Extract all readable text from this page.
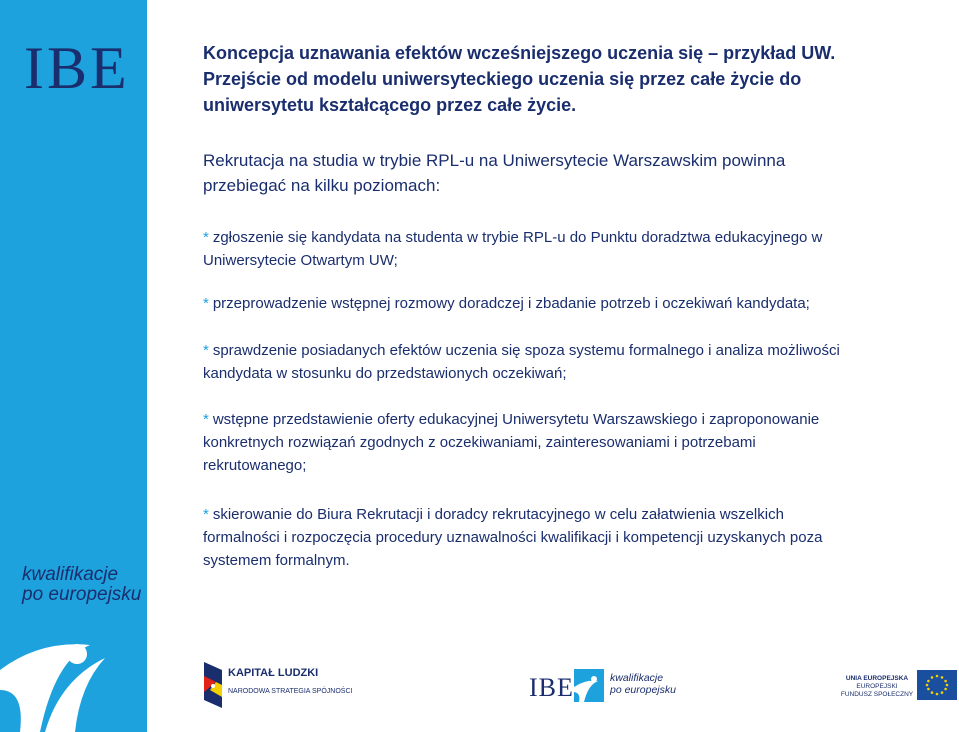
IBE
kwalifikacje
po europejsku

Koncepcja uznawania efektów wcześniejszego uczenia się – przykład UW.
Przejście od modelu uniwersyteckiego uczenia się przez całe życie do
uniwersytetu kształcącego przez całe życie.

Rekrutacja na studia w trybie RPL-u na Uniwersytecie Warszawskim powinna
przebiegać na kilku poziomach:
* zgłoszenie się kandydata na studenta w trybie RPL-u do Punktu doradztwa edukacyjnego w
Uniwersytecie Otwartym UW;
* przeprowadzenie wstępnej rozmowy doradczej i zbadanie potrzeb i oczekiwań kandydata;
* sprawdzenie posiadanych efektów uczenia się spoza systemu formalnego i analiza możliwości
kandydata w stosunku do przedstawionych oczekiwań;
* wstępne przedstawienie oferty edukacyjnej Uniwersytetu Warszawskiego i zaproponowanie
konkretnych rozwiązań zgodnych z oczekiwaniami, zainteresowaniami i potrzebami
rekrutowanego;
* skierowanie do Biura Rekrutacji i doradcy rekrutacyjnego w celu załatwienia wszelkich
formalności i rozpoczęcia procedury uznawalności kwalifikacji i kompetencji uzyskanych poza
systemem formalnym.
KAPITAŁ LUDZKI
NARODOWA STRATEGIA SPÓJNOŚCI	IBE	kwalifikacje
po europejsku
UNIA EUROPEJSKA
EUROPEJSKI
FUNDUSZ SPOŁECZNY
